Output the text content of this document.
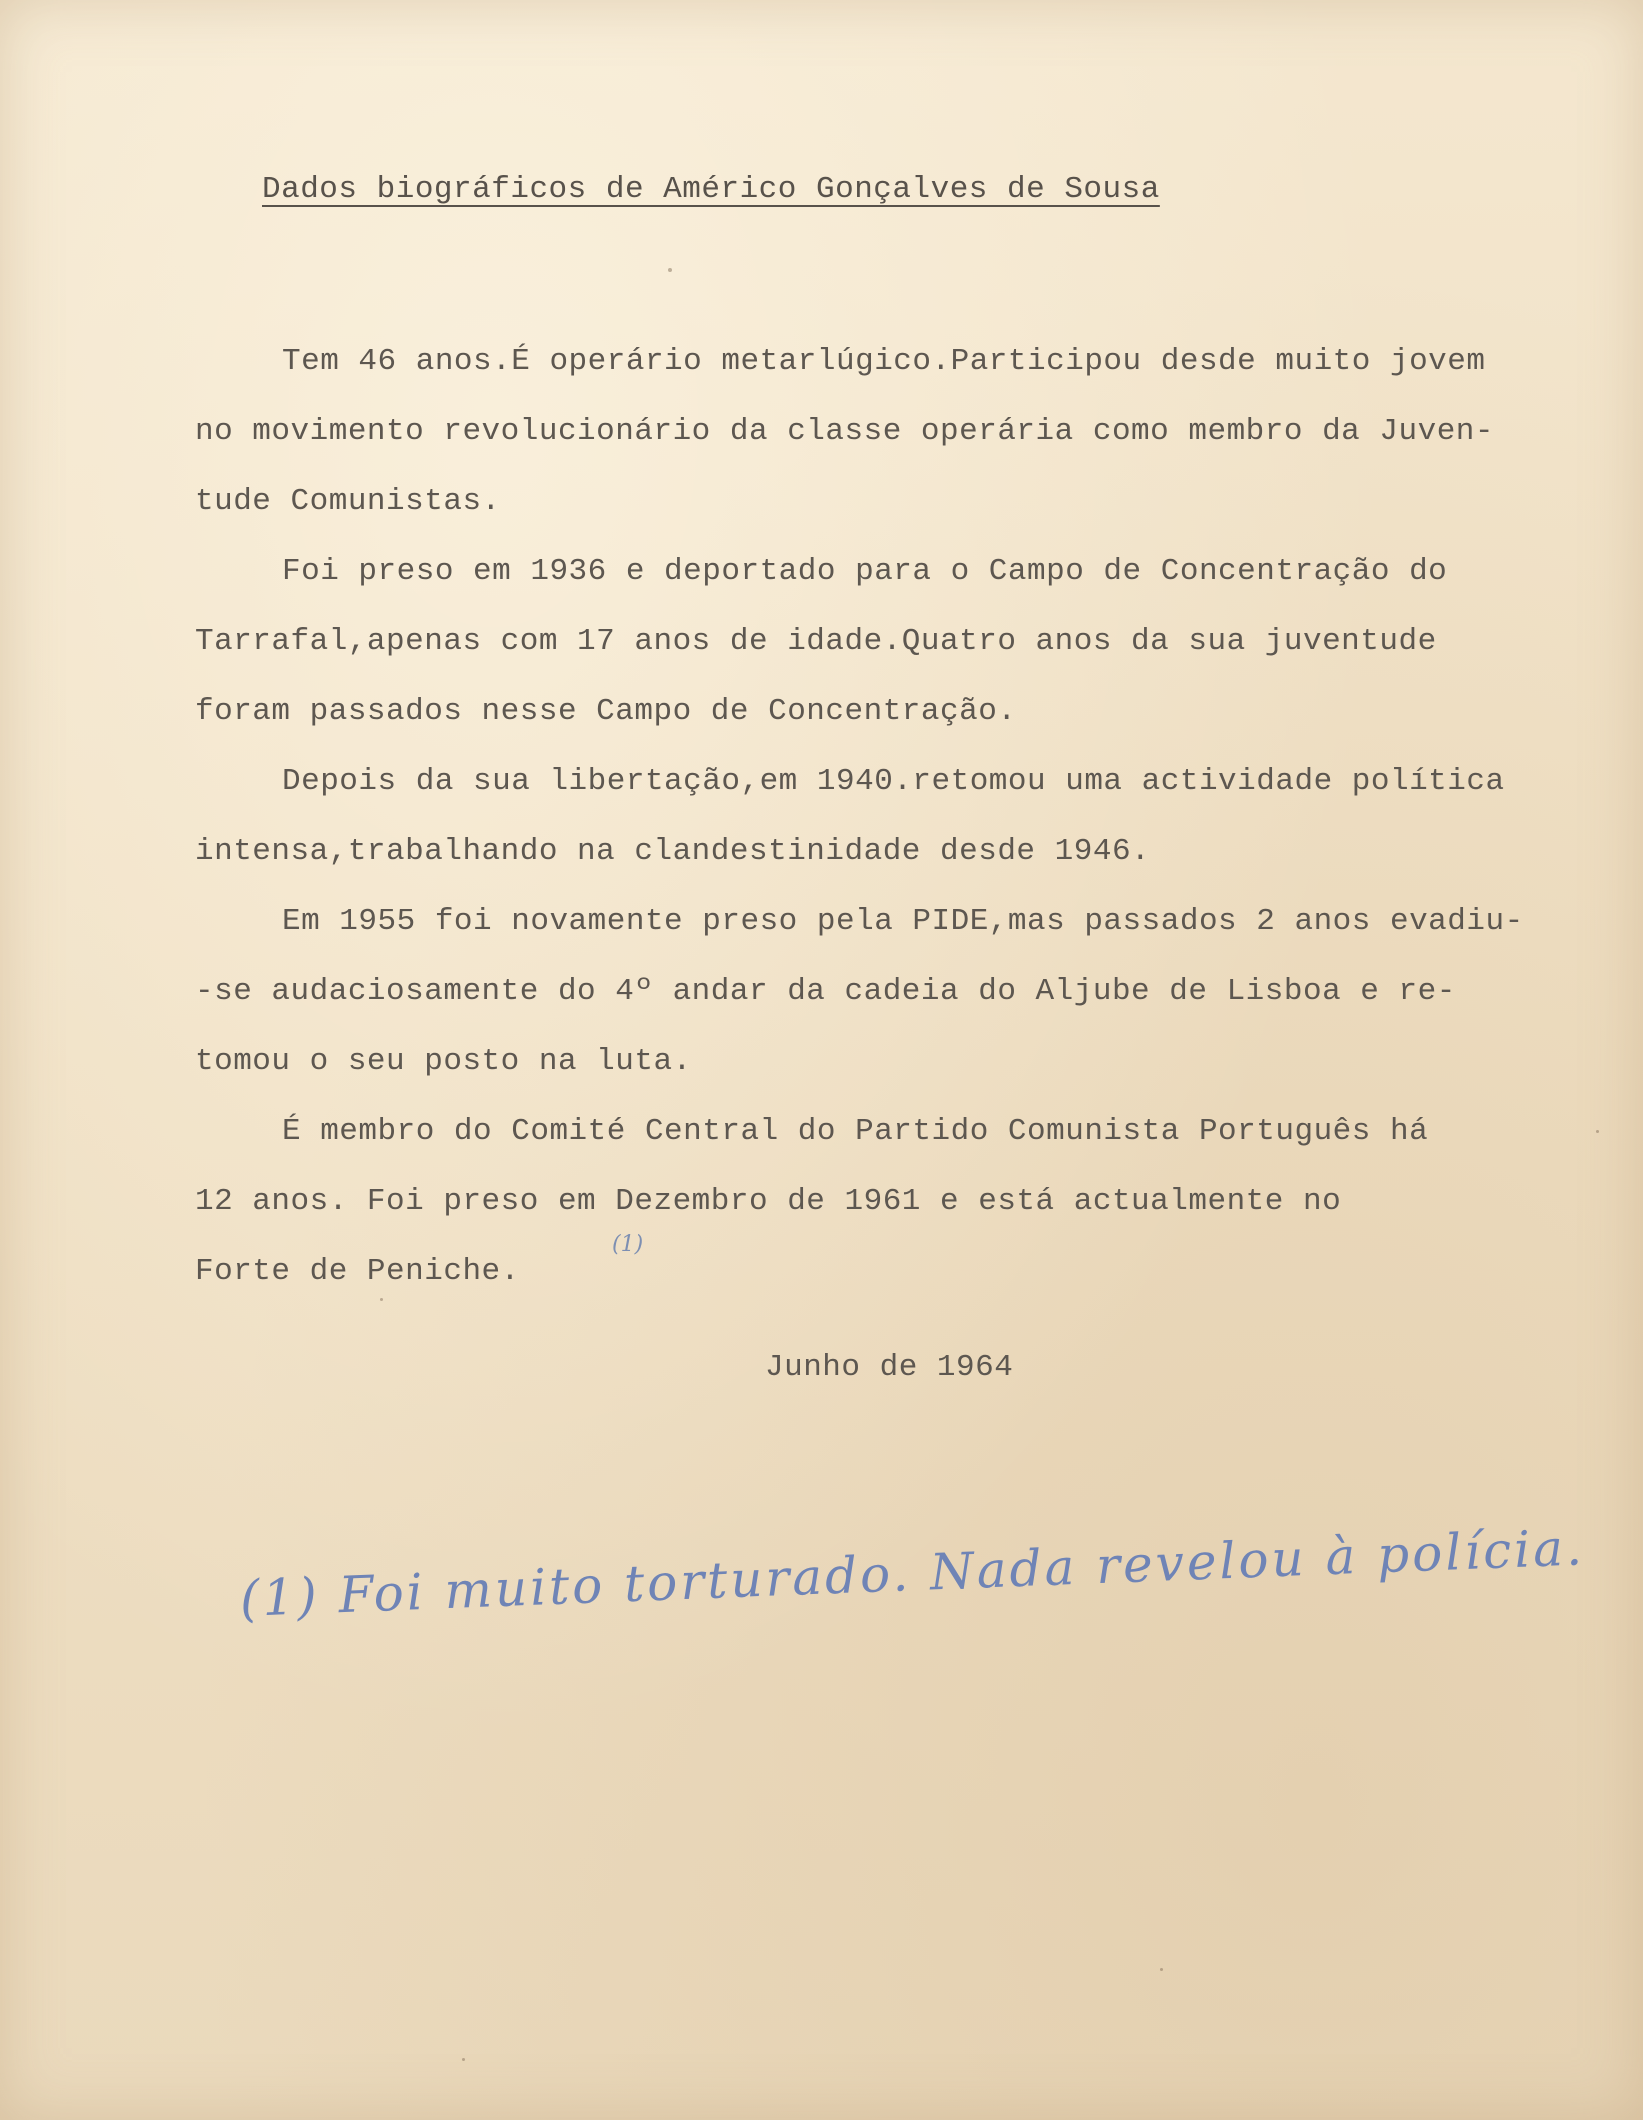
Dados biográficos de Américo Gonçalves de Sousa

Tem 46 anos.É operário metarlúgico.Participou desde muito jovem

no movimento revolucionário da classe operária como membro da Juven-

tude Comunistas.

Foi preso em 1936 e deportado para o Campo de Concentração do

Tarrafal,apenas com 17 anos de idade.Quatro anos da sua juventude

foram passados nesse Campo de Concentração.

Depois da sua libertação,em 1940.retomou uma actividade política

intensa,trabalhando na clandestinidade desde 1946.

Em 1955 foi novamente preso pela PIDE,mas passados 2 anos evadiu-

-se audaciosamente do 4º andar da cadeia do Aljube de Lisboa e re-

tomou o seu posto na luta.

É membro do Comité Central do Partido Comunista Português há

12 anos. Foi preso em Dezembro de 1961 e está actualmente no

Forte de Peniche.

(1)

Junho de 1964

(1) Foi muito torturado. Nada revelou à polícia.
